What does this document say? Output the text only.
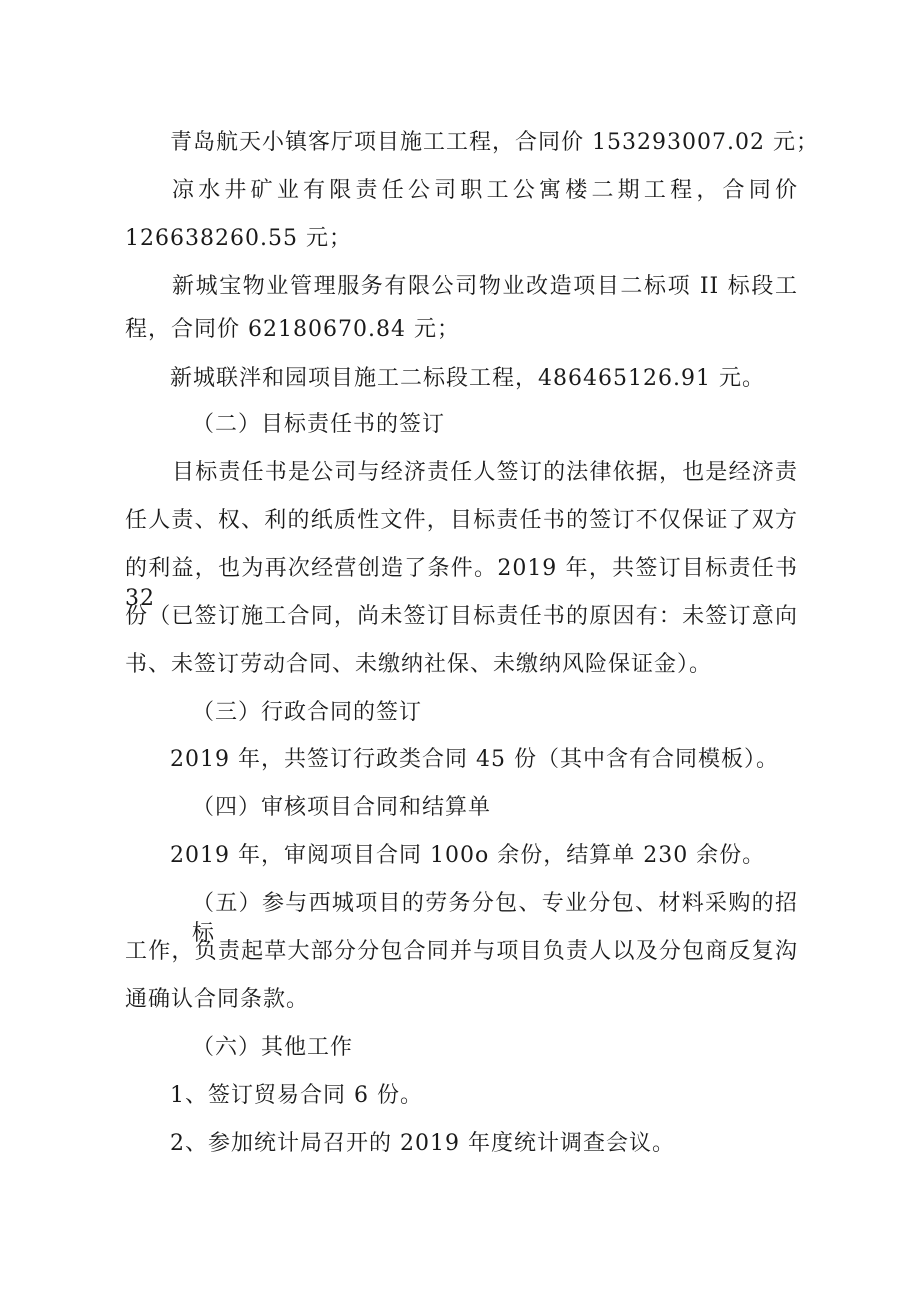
青岛航天小镇客厅项目施工工程，合同价 153293007.02 元；
凉水井矿业有限责任公司职工公寓楼二期工程，合同价
126638260.55 元；
新城宝物业管理服务有限公司物业改造项目二标项 II 标段工
程，合同价 62180670.84 元；
新城联泮和园项目施工二标段工程，486465126.91 元。
（二）目标责任书的签订
目标责任书是公司与经济责任人签订的法律依据，也是经济责
任人责、权、利的纸质性文件，目标责任书的签订不仅保证了双方
的利益，也为再次经营创造了条件。2019 年，共签订目标责任书 32
份（已签订施工合同，尚未签订目标责任书的原因有：未签订意向
书、未签订劳动合同、未缴纳社保、未缴纳风险保证金）。
（三）行政合同的签订
2019 年，共签订行政类合同 45 份（其中含有合同模板）。
（四）审核项目合同和结算单
2019 年，审阅项目合同 100o 余份，结算单 230 余份。
（五）参与西城项目的劳务分包、专业分包、材料采购的招标
工作，负责起草大部分分包合同并与项目负责人以及分包商反复沟
通确认合同条款。
（六）其他工作
1、签订贸易合同 6 份。
2、参加统计局召开的 2019 年度统计调查会议。
